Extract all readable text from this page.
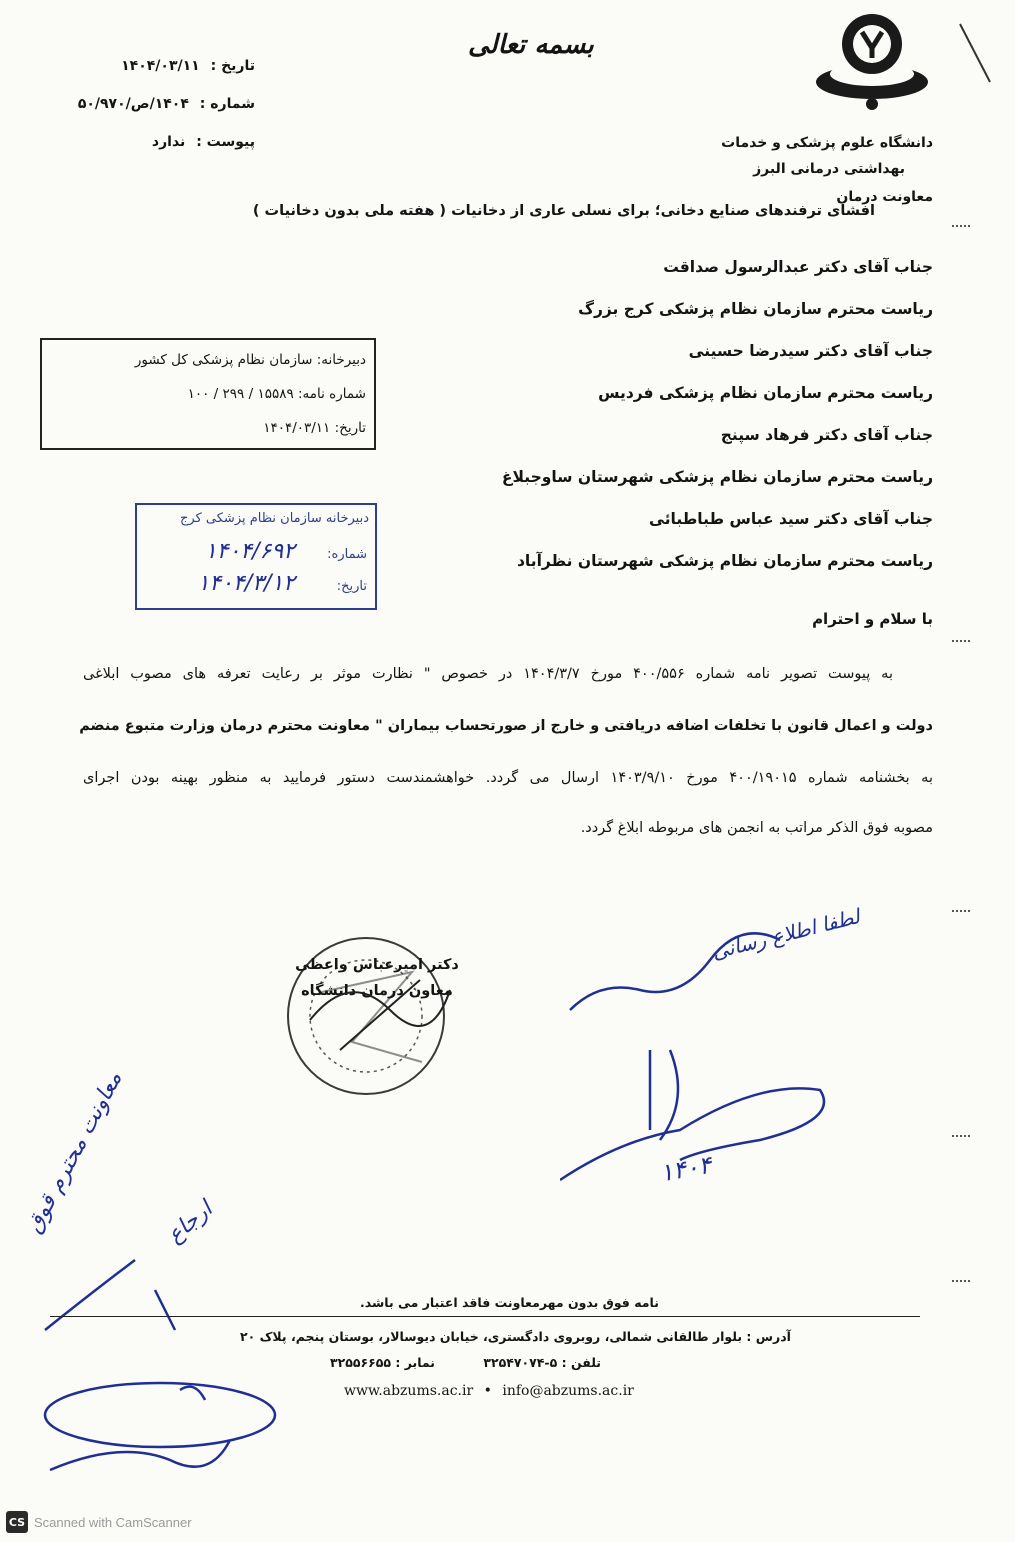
دانشگاه علوم پزشکی و خدمات
بهداشتی درمانی البرز
معاونت درمان
بسمه تعالی
تاریخ : ۱۴۰۴/۰۳/۱۱
شماره : ۱۴۰۴/ص/۵۰/۹۷۰
پیوست : ندارد
افشای ترفندهای صنایع دخانی؛ برای نسلی عاری از دخانیات ( هفته ملی بدون دخانیات )
جناب آقای دکتر عبدالرسول صداقت
ریاست محترم سازمان نظام پزشکی کرج بزرگ
جناب آقای دکتر سیدرضا حسینی
ریاست محترم سازمان نظام پزشکی فردیس
جناب آقای دکتر فرهاد سپنج
ریاست محترم سازمان نظام پزشکی شهرستان ساوجبلاغ
جناب آقای دکتر سید عباس طباطبائی
ریاست محترم سازمان نظام پزشکی شهرستان نظرآباد
دبیرخانه: سازمان نظام پزشکی کل کشور
شماره نامه: ۱۵۵۸۹ / ۲۹۹ / ۱۰۰
تاریخ: ۱۴۰۴/۰۳/۱۱
دبیرخانه سازمان نظام پزشکی کرج
شماره:
۱۴۰۴/۶۹۲
تاریخ:
۱۴۰۴/۳/۱۲
با سلام و احترام
به پیوست تصویر نامه شماره ۴۰۰/۵۵۶ مورخ ۱۴۰۴/۳/۷ در خصوص " نظارت موثر بر رعایت تعرفه های مصوب ابلاغی
دولت و اعمال قانون با تخلفات اضافه دریافتی و خارج از صورتحساب بیماران " معاونت محترم درمان وزارت متبوع منضم
به بخشنامه شماره ۴۰۰/۱۹۰۱۵ مورخ ۱۴۰۳/۹/۱۰ ارسال می گردد. خواهشمندست دستور فرمایید به منظور بهینه بودن اجرای
مصوبه فوق الذکر مراتب به انجمن های مربوطه ابلاغ گردد.
دکتر امیرعباس واعظی
معاون درمان دانشگاه
لطفا اطلاع رسانی
۱۴۰۴
معاونت محترم قوق ارجاع
نامه فوق بدون مهرمعاونت فاقد اعتبار می باشد.
آدرس : بلوار طالقانی شمالی، روبروی دادگستری، خیابان دیوسالار، بوستان پنجم، پلاک ۲۰
تلفن : ۵-۳۲۵۴۷۰۷۴ نمابر : ۳۲۵۵۶۶۵۵
www.abzums.ac.ir • info@abzums.ac.ir
CS Scanned with CamScanner
